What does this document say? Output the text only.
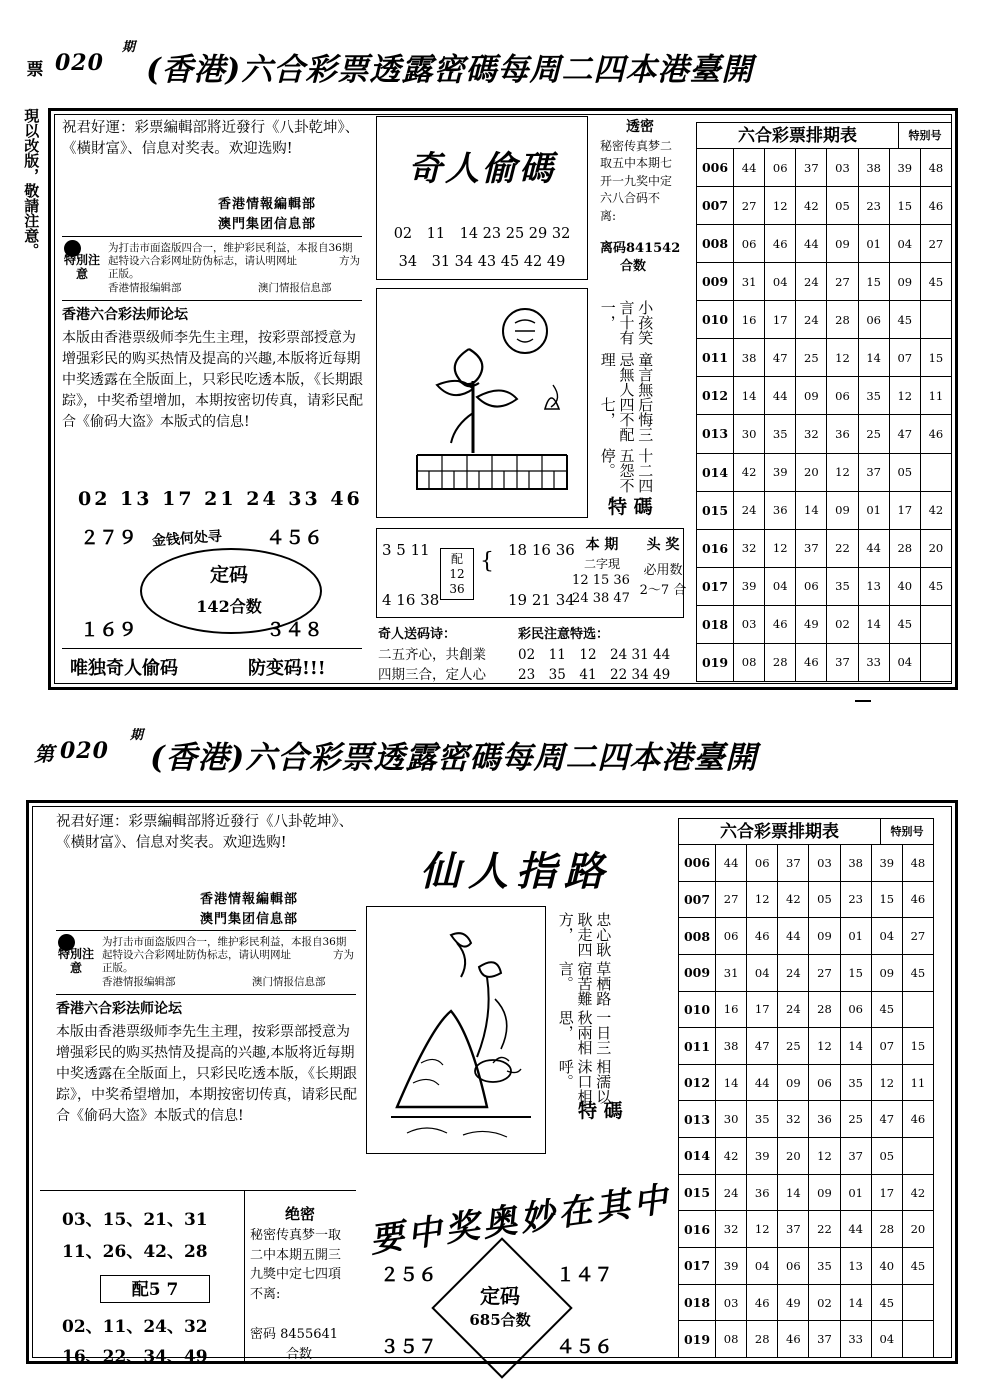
020
期
(香港)六合彩票透露密碼每周二四本港臺開
現以改版，敬請注意。
票
祝君好運：彩票編輯部將近發行《八卦乾坤》、《橫財富》、信息对奖表。欢迎选购!
香港情報編輯部
澳門集团信息部
特別注意
为打击市面盗版四合一，维护彩民利益，本报自36期起特设六合彩网址防伪标志，请认明网址　　　　方为正版。
香港情报编辑部	澳门情报信息部
香港六合彩法师论坛
本版由香港票级师李先生主理，按彩票部授意为增强彩民的购买热情及提高的兴趣,本版将近每期中奖透露在全版面上，只彩民吃透本版，《长期跟踪》，中奖希望增加，本期按密切传真，请彩民配合《偷码大盗》本版式的信息!
02 13 17 21 24 33 46
２７９	４５６
１６９	３４８
金钱何处寻
定码
142合数
唯独奇人偷码	防变码!!!
奇人偷碼
02　11　14 23 25 29 32
34　31 34 43 45 42 49
透密
秘密传真梦二取五中本期七开一九奖中定六八合码不离:
离码841542
合数
小孩笑言十有一，
童言無忌無人理
后悔三四不配七，
十二四五怨不停。
特 碼
3 5 11
4 16 38
配
12
36
{ 18 16 36
19 21 34
本 期
二字現
12 15 36
24 38 47
头 奖
必用数
2～7 合
奇人送码诗：
二五齐心，共創業
四期三合，定人心
彩民注意特选：
02　11　12　24 31 44
23　35　41　22 34 49
六合彩票排期表	特别号
006	44	06	37	03	38	39	48
007	27	12	42	05	23	15	46
008	06	46	44	09	01	04	27
009	31	04	24	27	15	09	45
010	16	17	24	28	06	45	
011	38	47	25	12	14	07	15
012	14	44	09	06	35	12	11
013	30	35	32	36	25	47	46
014	42	39	20	12	37	05	
015	24	36	14	09	01	17	42
016	32	12	37	22	44	28	20
017	39	04	06	35	13	40	45
018	03	46	49	02	14	45	
019	08	28	46	37	33	04	
第 020
期
(香港)六合彩票透露密碼每周二四本港臺開
祝君好運：彩票編輯部將近發行《八卦乾坤》、《橫財富》、信息对奖表。欢迎选购!
香港情報編輯部
澳門集团信息部
特別注意
为打击市面盗版四合一，维护彩民利益，本报自36期起特设六合彩网址防伪标志，请认明网址　　　　方为正版。
香港情报编辑部	澳门情报信息部
香港六合彩法师论坛
本版由香港票级师李先生主理，按彩票部授意为增强彩民的购买热情及提高的兴趣,本版将近每期中奖透露在全版面上，只彩民吃透本版，《长期跟踪》，中奖希望增加，本期按密切传真，请彩民配合《偷码大盗》本版式的信息!
03、15、21、31
11、26、42、28
配5 7
02、11、24、32
16、22、34、49
绝密
秘密传真梦一取二中本期五開三九獎中定七四項不离:
密码 8455641
合数
仙人指路
忠心耿耿走四方，
草栖路宿苦難言。
一日三秋兩相思，
相濡以沫口相呼。
特 碼
要中奖奥妙在其中
２５６	１４７
３５７	４５６
定码
685合数
六合彩票排期表	特别号
006	44	06	37	03	38	39	48
007	27	12	42	05	23	15	46
008	06	46	44	09	01	04	27
009	31	04	24	27	15	09	45
010	16	17	24	28	06	45	
011	38	47	25	12	14	07	15
012	14	44	09	06	35	12	11
013	30	35	32	36	25	47	46
014	42	39	20	12	37	05	
015	24	36	14	09	01	17	42
016	32	12	37	22	44	28	20
017	39	04	06	35	13	40	45
018	03	46	49	02	14	45	
019	08	28	46	37	33	04	
